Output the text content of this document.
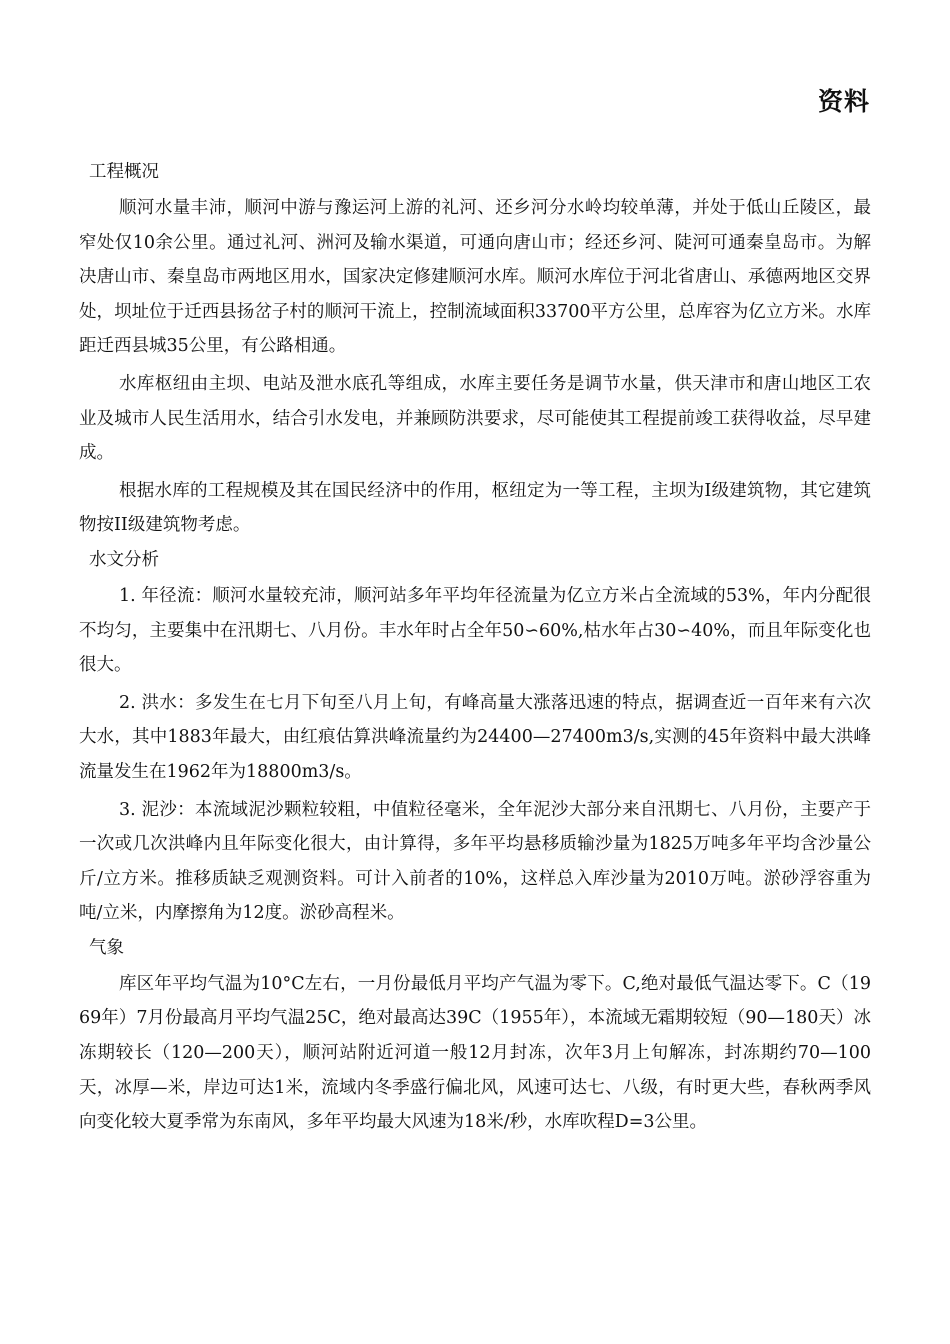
资料
工程概况

顺河水量丰沛，顺河中游与豫运河上游的礼河、还乡河分水岭均较单薄，并处于低山丘陵区，最窄处仅10余公里。通过礼河、洲河及输水渠道，可通向唐山市；经还乡河、陡河可通秦皇岛市。为解决唐山市、秦皇岛市两地区用水，国家决定修建顺河水库。顺河水库位于河北省唐山、承德两地区交界处，坝址位于迁西县扬岔子村的顺河干流上，控制流域面积33700平方公里，总库容为亿立方米。水库距迁西县城35公里，有公路相通。

水库枢纽由主坝、电站及泄水底孔等组成，水库主要任务是调节水量，供天津市和唐山地区工农业及城市人民生活用水，结合引水发电，并兼顾防洪要求，尽可能使其工程提前竣工获得收益，尽早建成。

根据水库的工程规模及其在国民经济中的作用，枢纽定为一等工程，主坝为I级建筑物，其它建筑物按II级建筑物考虑。

水文分析

1. 年径流：顺河水量较充沛，顺河站多年平均年径流量为亿立方米占全流域的53%，年内分配很不均匀，主要集中在汛期七、八月份。丰水年时占全年50∽60%,枯水年占30∽40%，而且年际变化也很大。

2. 洪水：多发生在七月下旬至八月上旬，有峰高量大涨落迅速的特点，据调查近一百年来有六次大水，其中1883年最大，由红痕估算洪峰流量约为24400—27400m3/s,实测的45年资料中最大洪峰流量发生在1962年为18800m3/s。

3. 泥沙：本流域泥沙颗粒较粗，中值粒径毫米，全年泥沙大部分来自汛期七、八月份，主要产于一次或几次洪峰内且年际变化很大，由计算得，多年平均悬移质输沙量为1825万吨多年平均含沙量公斤/立方米。推移质缺乏观测资料。可计入前者的10%，这样总入库沙量为2010万吨。淤砂浮容重为吨/立米，内摩擦角为12度。淤砂高程米。

气象

库区年平均气温为10°C左右，一月份最低月平均产气温为零下。C,绝对最低气温达零下。C（1969年）7月份最高月平均气温25C，绝对最高达39C（1955年），本流域无霜期较短（90—180天）冰冻期较长（120—200天），顺河站附近河道一般12月封冻，次年3月上旬解冻，封冻期约70—100天，冰厚—米，岸边可达1米，流域内冬季盛行偏北风，风速可达七、八级，有时更大些，春秋两季风向变化较大夏季常为东南风，多年平均最大风速为18米/秒，水库吹程D=3公里。
